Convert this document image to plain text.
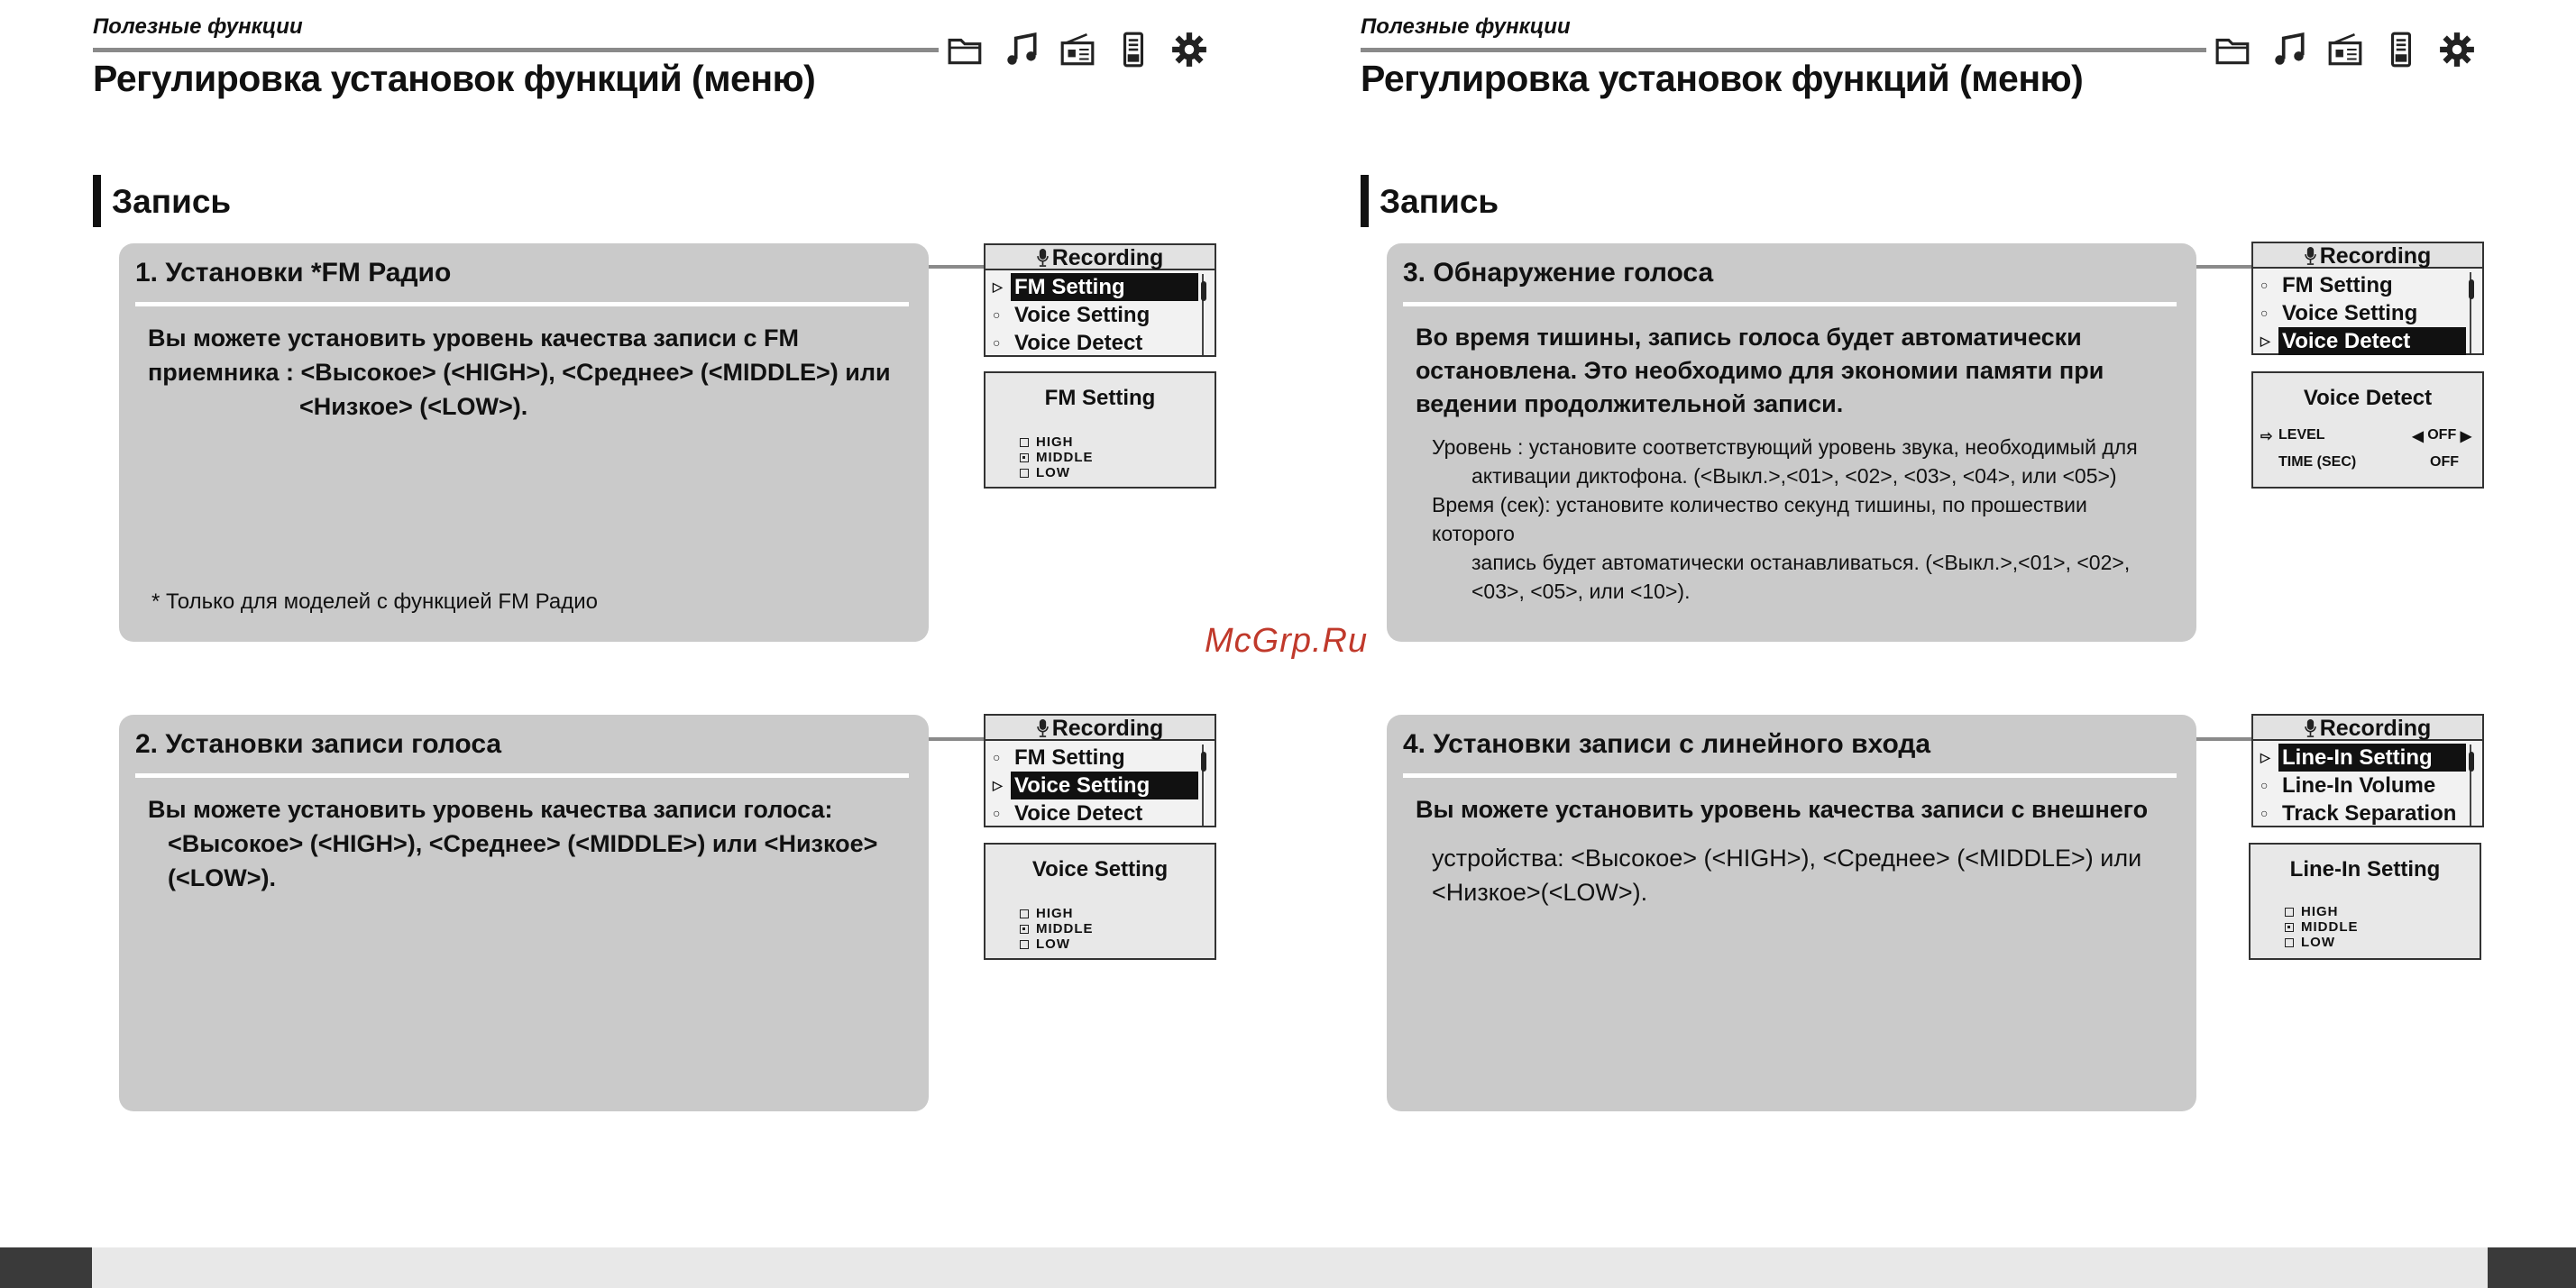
Полезные функции
Регулировка установок функций (меню)
Запись
1. Установки *FM Радио
Вы можете установить уровень качества записи с FM
приемника : <Высокое> (<HIGH>), <Среднее> (<MIDDLE>) или
<Низкое> (<LOW>).
* Только для моделей с функцией FM Радио
2. Установки записи голоса
Вы можете установить уровень качества записи голоса:
<Высокое> (<HIGH>), <Среднее> (<MIDDLE>) или <Низкое>
(<LOW>).
Recording
▷ FM Setting
○ Voice Setting
○ Voice Detect
FM Setting
HIGH
MIDDLE
LOW
Recording
○ FM Setting
▷ Voice Setting
○ Voice Detect
Voice Setting
HIGH
MIDDLE
LOW
Полезные функции
Регулировка установок функций (меню)
Запись
3. Обнаружение голоса
Во время тишины, запись голоса будет автоматически
остановлена. Это необходимо для экономии памяти при
ведении продолжительной записи.
Уровень : установите соответствующий уровень звука, необходимый для
активации диктофона. (<Выкл.>,<01>, <02>, <03>, <04>, или <05>)
Время (сек): установите количество секунд тишины, по прошествии которого
запись будет автоматически останавливаться. (<Выкл.>,<01>, <02>,
<03>, <05>, или <10>).
4. Установки записи с линейного входа
Вы можете установить уровень качества записи с внешнего
устройства: <Высокое> (<HIGH>), <Среднее> (<MIDDLE>) или
<Низкое>(<LOW>).
Recording
○ FM Setting
○ Voice Setting
▷ Voice Detect
Voice Detect
⇨ LEVEL	◀
OFF
▶
TIME (SEC)	OFF
Recording
▷ Line-In Setting
○ Line-In Volume
○ Track Separation
Line-In Setting
HIGH
MIDDLE
LOW
McGrp.Ru
